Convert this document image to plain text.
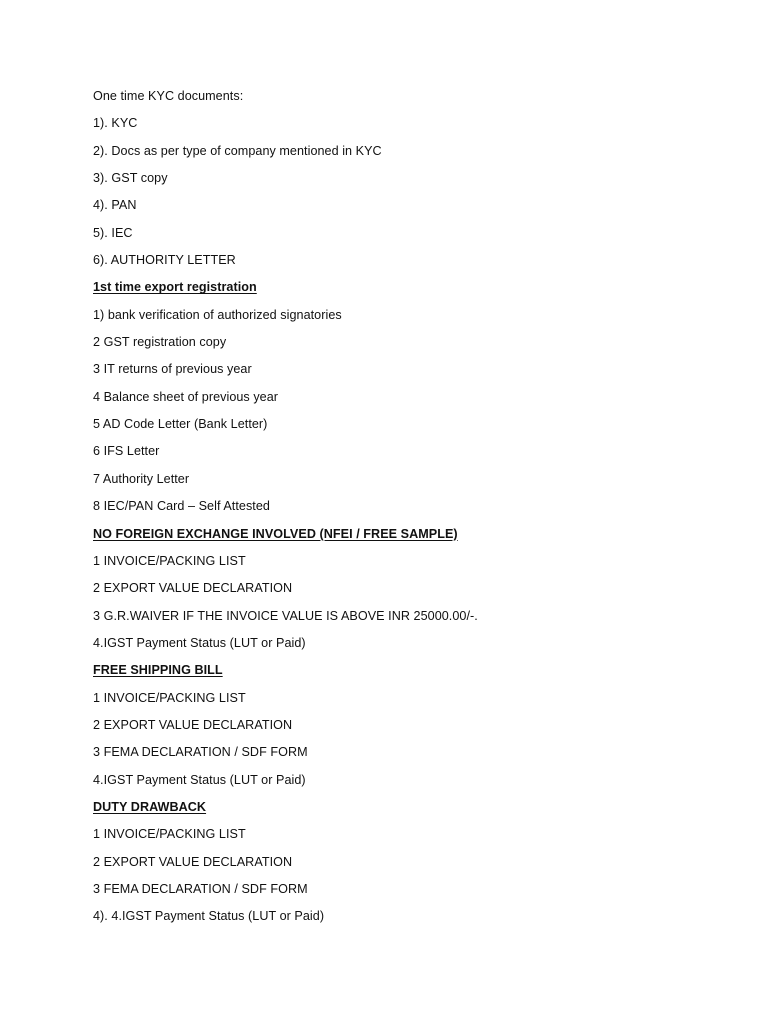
One time KYC documents:
1). KYC
2). Docs as per type of company mentioned in KYC
3). GST copy
4). PAN
5). IEC
6). AUTHORITY LETTER
1st time export registration
1) bank verification of authorized signatories
2 GST registration copy
3 IT returns of previous year
4 Balance sheet of previous year
5 AD Code Letter (Bank Letter)
6 IFS Letter
7 Authority Letter
8 IEC/PAN Card – Self Attested
NO FOREIGN EXCHANGE INVOLVED (NFEI / FREE SAMPLE)
1 INVOICE/PACKING LIST
2 EXPORT VALUE DECLARATION
3 G.R.WAIVER IF THE INVOICE VALUE IS ABOVE INR 25000.00/-.
4.IGST Payment Status (LUT or Paid)
FREE SHIPPING BILL
1 INVOICE/PACKING LIST
2 EXPORT VALUE DECLARATION
3 FEMA DECLARATION / SDF FORM
4.IGST Payment Status (LUT or Paid)
DUTY DRAWBACK
1 INVOICE/PACKING LIST
2 EXPORT VALUE DECLARATION
3 FEMA DECLARATION / SDF FORM
4). 4.IGST Payment Status (LUT or Paid)
